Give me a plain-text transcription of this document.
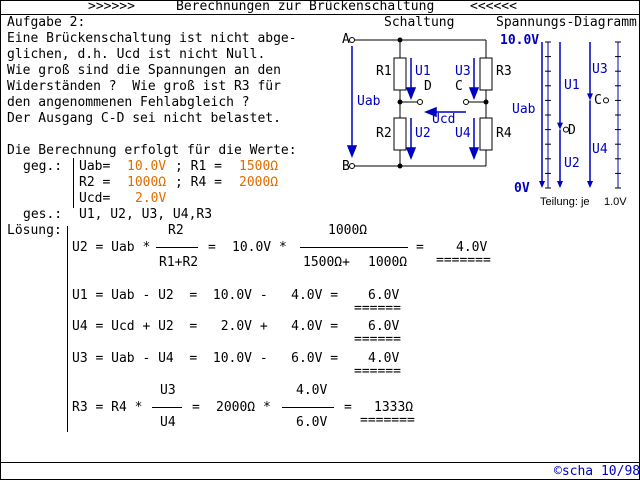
>>>>>>	Berechnungen zur Brückenschaltung	<<<<<<
Aufgabe 2:
Eine Brückenschaltung ist nicht abge-
glichen, d.h. Ucd ist nicht Null.
Wie groß sind die Spannungen an den
Widerständen ?  Wie groß ist R3 für
den angenommenen Fehlabgleich ?
Der Ausgang C-D sei nicht belastet.
Die Berechnung erfolgt für die Werte:
geg.: Uab= 10.0V ; R1 = 1500Ω
R2 = 1000Ω ; R4 = 2000Ω
Ucd= 2.0V
ges.: U1, U2, U3, U4,R3
Lösung:
U2 = Uab *
R2
R1+R2
= 10.0V *
1000Ω
1500Ω+ 1000Ω
= 4.0V
=======
U1 = Uab - U2  =  10.0V -   4.0V = 6.0V
======
U4 = Ucd + U2  =   2.0V +   4.0V = 6.0V
======
U3 = Uab - U4  =  10.0V -   6.0V = 4.0V
======
R3 = R4 *
U3
U4
= 2000Ω *
4.0V
6.0V
= 1333Ω
=======
Schaltung
A
B
C
D
R1
R2
R3
R4
U1
U2
U3
U4
Uab
Ucd
Spannungs-Diagramm
10.0V
0V
Uab
U1
U2
U3
U4
C
D
Teilung: je 1.0V
©scha 10/98
